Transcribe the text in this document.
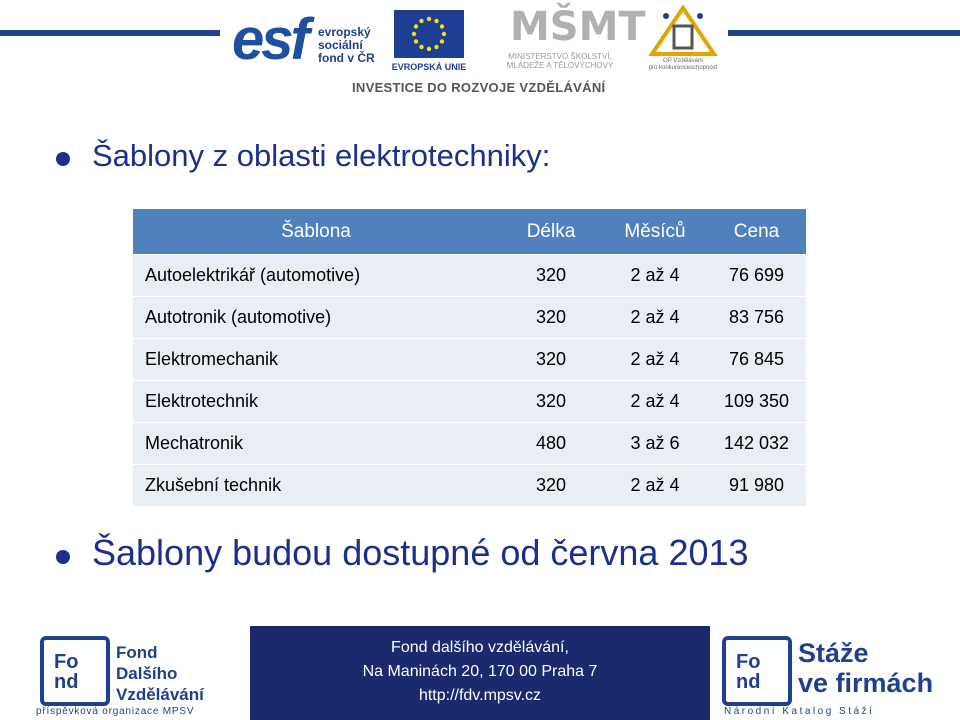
esf evropský
sociální
fond v ČR
EVROPSKÁ UNIE
MŠMT
MINISTERSTVO ŠKOLSTVÍ,
MLÁDEŽE A TĚLOVÝCHOVY	OP Vzdělávání
pro konkurenceschopnost
INVESTICE DO ROZVOJE VZDĚLÁVÁNÍ
Šablony z oblasti elektrotechniky:
Šablona	Délka	Měsíců	Cena
Autoelektrikář (automotive)	320	2 až 4	76 699
Autotronik (automotive)	320	2 až 4	83 756
Elektromechanik	320	2 až 4	76 845
Elektrotechnik	320	2 až 4	109 350
Mechatronik	480	3 až 6	142 032
Zkušební technik	320	2 až 4	91 980
Šablony budou dostupné od června 2013
Fo
nd
Fond
Dalšího
Vzdělávání
příspěvková organizace MPSV
Fond dalšího vzdělávání,
Na Maninách 20, 170 00 Praha 7
http://fdv.mpsv.cz
Fo
nd
Stáže
ve firmách
Národní Katalog Stáží
